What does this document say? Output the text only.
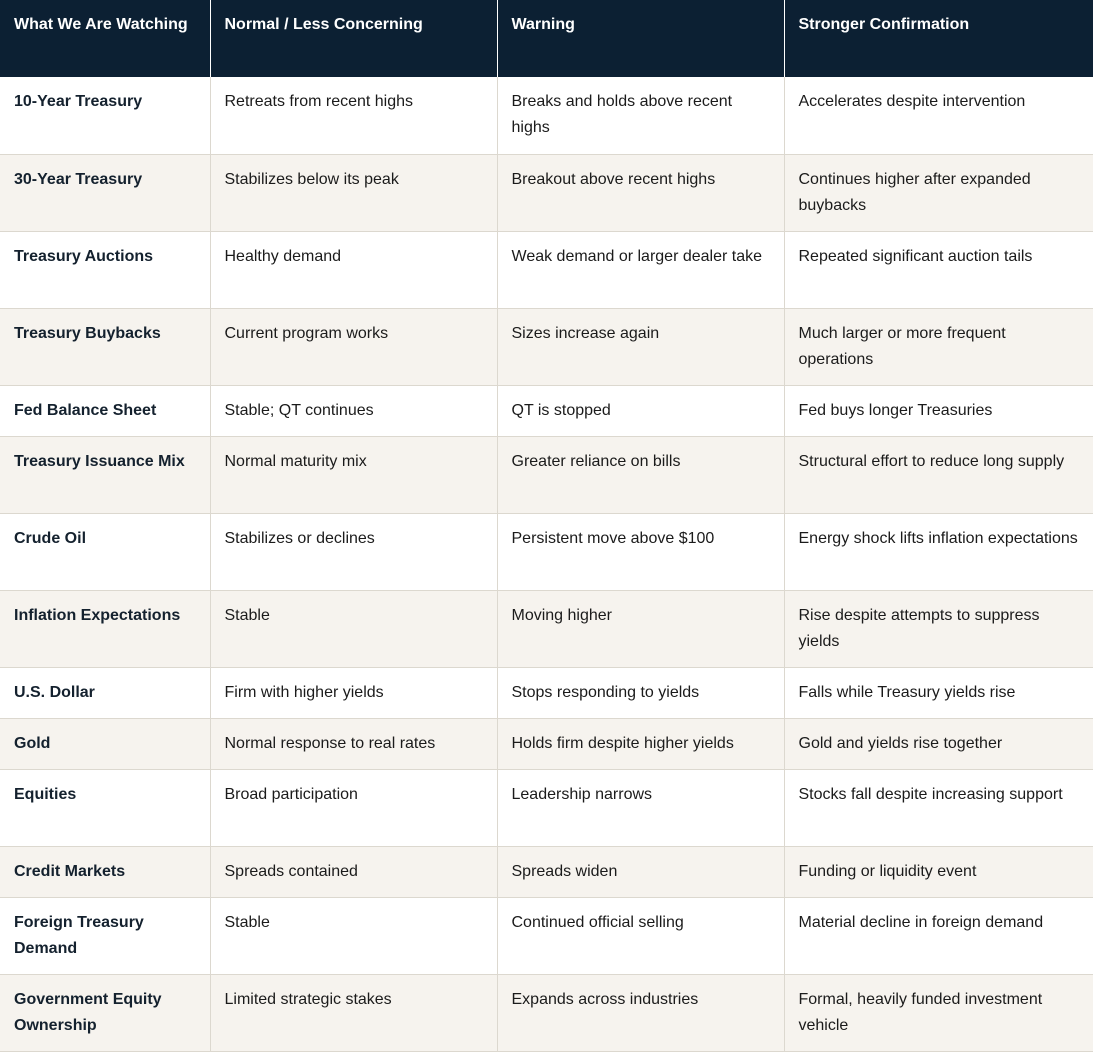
What We Are Watching	Normal / Less Concerning	Warning	Stronger Confirmation
10-Year Treasury	Retreats from recent highs	Breaks and holds above recent highs	Accelerates despite intervention
30-Year Treasury	Stabilizes below its peak	Breakout above recent highs	Continues higher after expanded buybacks
Treasury Auctions	Healthy demand	Weak demand or larger dealer take	Repeated significant auction tails
Treasury Buybacks	Current program works	Sizes increase again	Much larger or more frequent operations
Fed Balance Sheet	Stable; QT continues	QT is stopped	Fed buys longer Treasuries
Treasury Issuance Mix	Normal maturity mix	Greater reliance on bills	Structural effort to reduce long supply
Crude Oil	Stabilizes or declines	Persistent move above $100	Energy shock lifts inflation expectations
Inflation Expectations	Stable	Moving higher	Rise despite attempts to suppress yields
U.S. Dollar	Firm with higher yields	Stops responding to yields	Falls while Treasury yields rise
Gold	Normal response to real rates	Holds firm despite higher yields	Gold and yields rise together
Equities	Broad participation	Leadership narrows	Stocks fall despite increasing support
Credit Markets	Spreads contained	Spreads widen	Funding or liquidity event
Foreign Treasury Demand	Stable	Continued official selling	Material decline in foreign demand
Government Equity Ownership	Limited strategic stakes	Expands across industries	Formal, heavily funded investment vehicle
